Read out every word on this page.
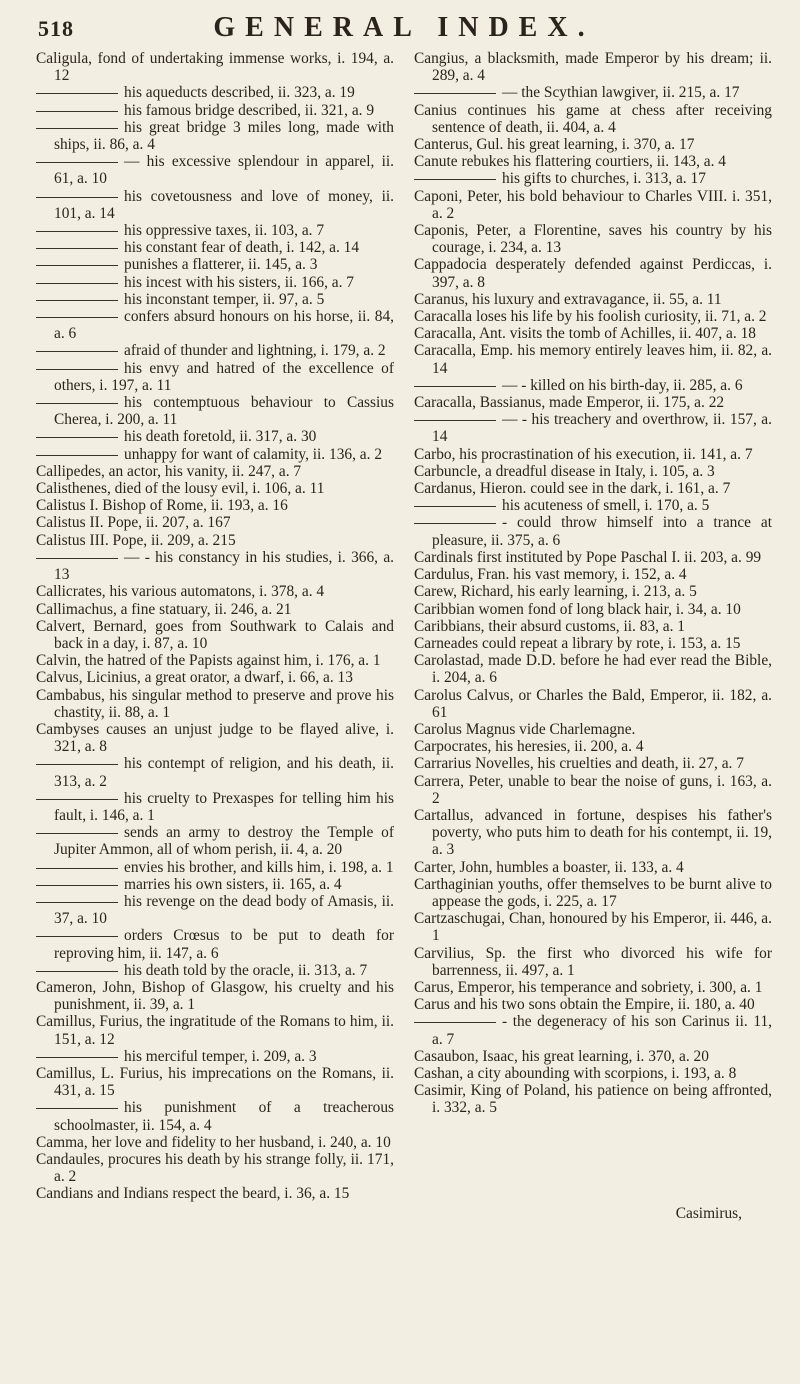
518	GENERAL INDEX.

Caligula, fond of undertaking immense works, i. 194, a. 12

his aqueducts described, ii. 323, a. 19

his famous bridge described, ii. 321, a. 9

his great bridge 3 miles long, made with ships, ii. 86, a. 4

— his excessive splendour in apparel, ii. 61, a. 10

his covetousness and love of money, ii. 101, a. 14

his oppressive taxes, ii. 103, a. 7

his constant fear of death, i. 142, a. 14

punishes a flatterer, ii. 145, a. 3

his incest with his sisters, ii. 166, a. 7

his inconstant temper, ii. 97, a. 5

confers absurd honours on his horse, ii. 84, a. 6

afraid of thunder and lightning, i. 179, a. 2

his envy and hatred of the excellence of others, i. 197, a. 11

his contemptuous behaviour to Cassius Cherea, i. 200, a. 11

his death foretold, ii. 317, a. 30

unhappy for want of calamity, ii. 136, a. 2

Callipedes, an actor, his vanity, ii. 247, a. 7

Calisthenes, died of the lousy evil, i. 106, a. 11

Calistus I. Bishop of Rome, ii. 193, a. 16

Calistus II. Pope, ii. 207, a. 167

Calistus III. Pope, ii. 209, a. 215

— - his constancy in his studies, i. 366, a. 13

Callicrates, his various automatons, i. 378, a. 4

Callimachus, a fine statuary, ii. 246, a. 21

Calvert, Bernard, goes from Southwark to Calais and back in a day, i. 87, a. 10

Calvin, the hatred of the Papists against him, i. 176, a. 1

Calvus, Licinius, a great orator, a dwarf, i. 66, a. 13

Cambabus, his singular method to preserve and prove his chastity, ii. 88, a. 1

Cambyses causes an unjust judge to be flayed alive, i. 321, a. 8

his contempt of religion, and his death, ii. 313, a. 2

his cruelty to Prexaspes for telling him his fault, i. 146, a. 1

sends an army to destroy the Temple of Jupiter Ammon, all of whom perish, ii. 4, a. 20

envies his brother, and kills him, i. 198, a. 1

marries his own sisters, ii. 165, a. 4

his revenge on the dead body of Amasis, ii. 37, a. 10

orders Crœsus to be put to death for reproving him, ii. 147, a. 6

his death told by the oracle, ii. 313, a. 7

Cameron, John, Bishop of Glasgow, his cruelty and his punishment, ii. 39, a. 1

Camillus, Furius, the ingratitude of the Romans to him, ii. 151, a. 12

his merciful temper, i. 209, a. 3

Camillus, L. Furius, his imprecations on the Romans, ii. 431, a. 15

his punishment of a treacherous schoolmaster, ii. 154, a. 4

Camma, her love and fidelity to her husband, i. 240, a. 10

Candaules, procures his death by his strange folly, ii. 171, a. 2

Candians and Indians respect the beard, i. 36, a. 15

Cangius, a blacksmith, made Emperor by his dream; ii. 289, a. 4

— the Scythian lawgiver, ii. 215, a. 17

Canius continues his game at chess after receiving sentence of death, ii. 404, a. 4

Canterus, Gul. his great learning, i. 370, a. 17

Canute rebukes his flattering courtiers, ii. 143, a. 4

his gifts to churches, i. 313, a. 17

Caponi, Peter, his bold behaviour to Charles VIII. i. 351, a. 2

Caponis, Peter, a Florentine, saves his country by his courage, i. 234, a. 13

Cappadocia desperately defended against Perdiccas, i. 397, a. 8

Caranus, his luxury and extravagance, ii. 55, a. 11

Caracalla loses his life by his foolish curiosity, ii. 71, a. 2

Caracalla, Ant. visits the tomb of Achilles, ii. 407, a. 18

Caracalla, Emp. his memory entirely leaves him, ii. 82, a. 14

— - killed on his birth-day, ii. 285, a. 6

Caracalla, Bassianus, made Emperor, ii. 175, a. 22

— - his treachery and overthrow, ii. 157, a. 14

Carbo, his procrastination of his execution, ii. 141, a. 7

Carbuncle, a dreadful disease in Italy, i. 105, a. 3

Cardanus, Hieron. could see in the dark, i. 161, a. 7

his acuteness of smell, i. 170, a. 5

- could throw himself into a trance at pleasure, ii. 375, a. 6

Cardinals first instituted by Pope Paschal I. ii. 203, a. 99

Cardulus, Fran. his vast memory, i. 152, a. 4

Carew, Richard, his early learning, i. 213, a. 5

Caribbian women fond of long black hair, i. 34, a. 10

Caribbians, their absurd customs, ii. 83, a. 1

Carneades could repeat a library by rote, i. 153, a. 15

Carolastad, made D.D. before he had ever read the Bible, i. 204, a. 6

Carolus Calvus, or Charles the Bald, Emperor, ii. 182, a. 61

Carolus Magnus vide Charlemagne.

Carpocrates, his heresies, ii. 200, a. 4

Carrarius Novelles, his cruelties and death, ii. 27, a. 7

Carrera, Peter, unable to bear the noise of guns, i. 163, a. 2

Cartallus, advanced in fortune, despises his father's poverty, who puts him to death for his contempt, ii. 19, a. 3

Carter, John, humbles a boaster, ii. 133, a. 4

Carthaginian youths, offer themselves to be burnt alive to appease the gods, i. 225, a. 17

Cartzaschugai, Chan, honoured by his Emperor, ii. 446, a. 1

Carvilius, Sp. the first who divorced his wife for barrenness, ii. 497, a. 1

Carus, Emperor, his temperance and sobriety, i. 300, a. 1

Carus and his two sons obtain the Empire, ii. 180, a. 40

- the degeneracy of his son Carinus ii. 11, a. 7

Casaubon, Isaac, his great learning, i. 370, a. 20

Cashan, a city abounding with scorpions, i. 193, a. 8

Casimir, King of Poland, his patience on being affronted, i. 332, a. 5

Casimirus,
